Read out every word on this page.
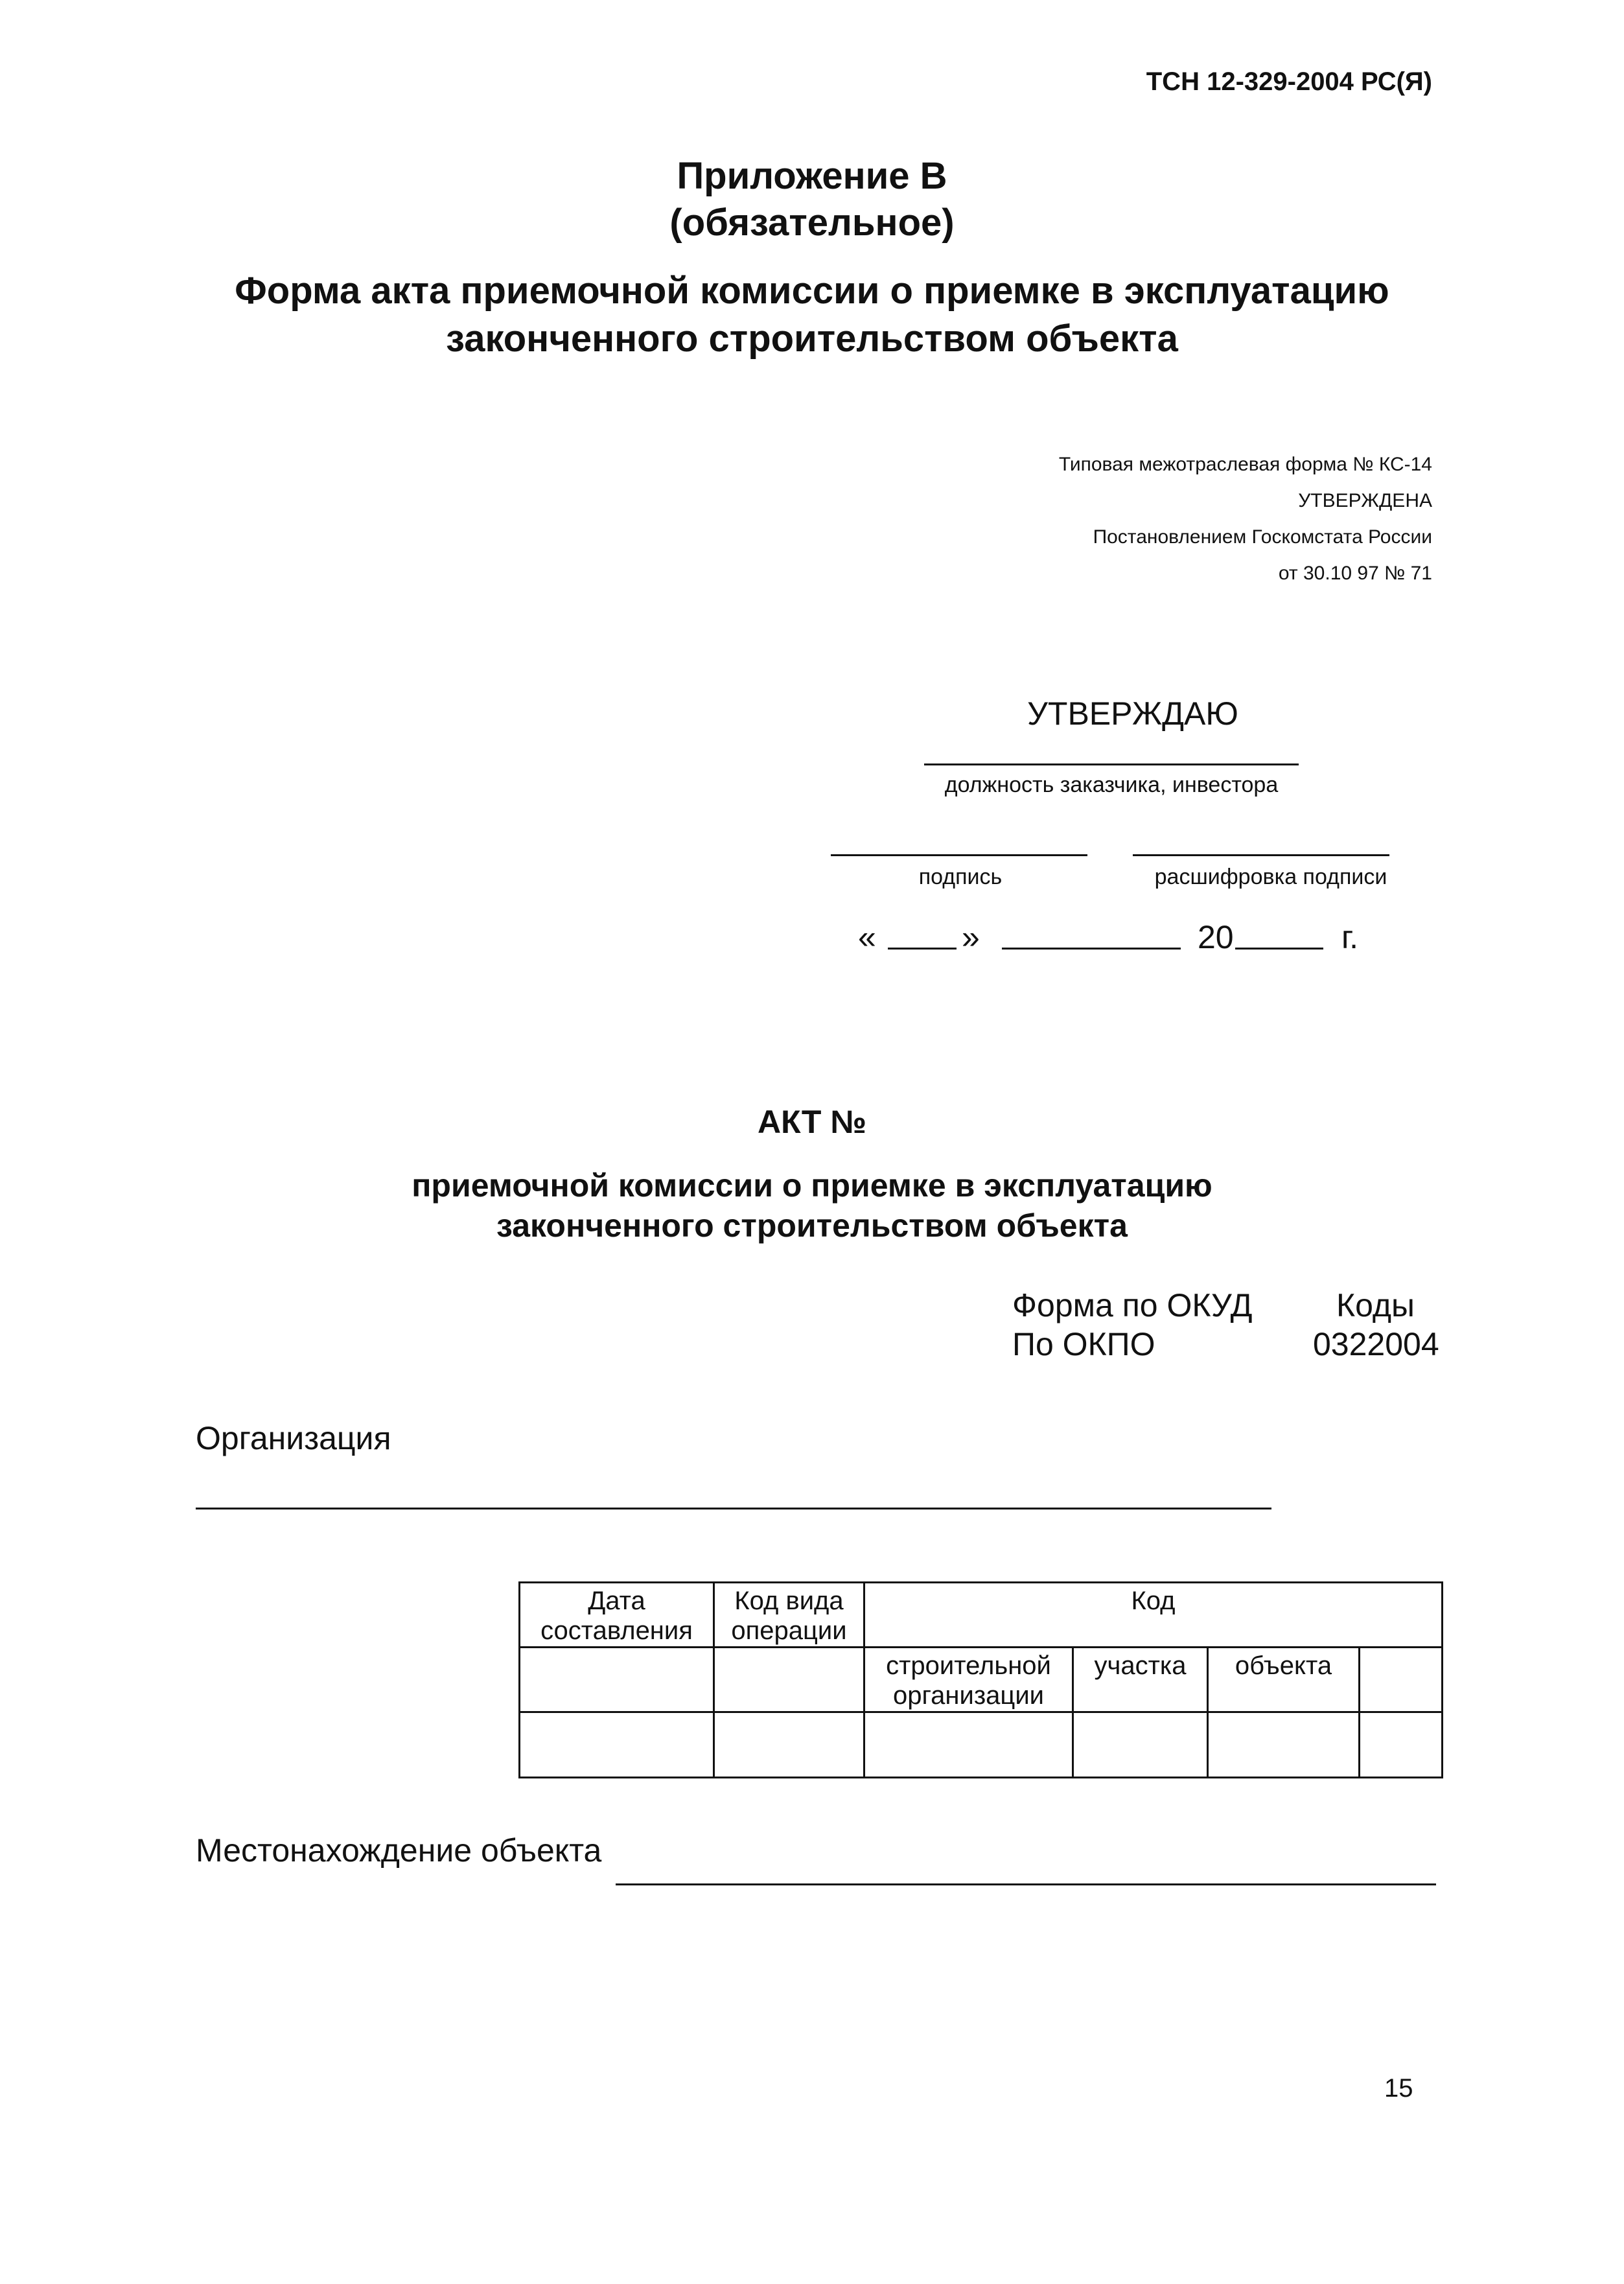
ТСН 12-329-2004 РС(Я)
Приложение В
(обязательное)
Форма акта приемочной комиссии о приемке в эксплуатацию
законченного строительством объекта
Типовая межотраслевая форма № КС-14
УТВЕРЖДЕНА
Постановлением Госкомстата России
от 30.10 97 № 71
УТВЕРЖДАЮ
должность заказчика, инвестора
подпись	расшифровка подписи
«	»	20	г.
АКТ №
приемочной комиссии о приемке в эксплуатацию
законченного строительством объекта
Форма по ОКУД	Коды
По ОКПО	0322004
Организация
Дата составления	Код вида операции	Код			
		строительной организации	участка	объекта	

Местонахождение объекта
15
